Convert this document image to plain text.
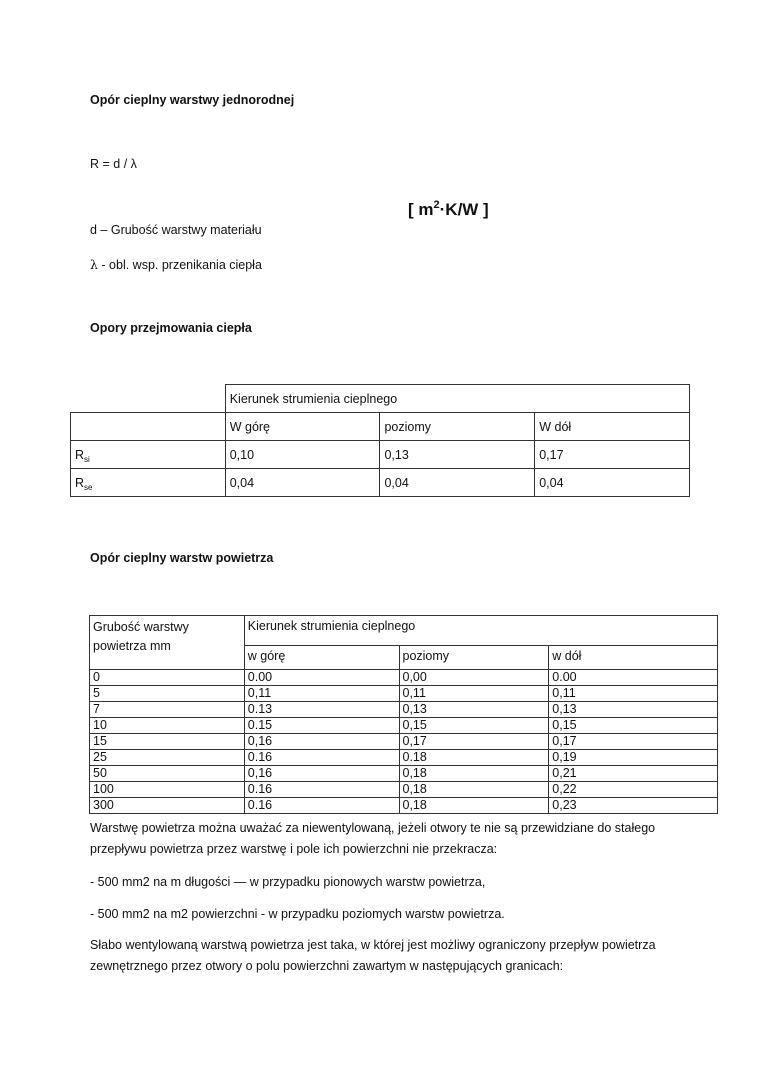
Opór cieplny warstwy jednorodnej
R = d / λ
[ $m^2\cdot K/W$ ]
d – Grubość warstwy materiału
λ - obl. wsp. przenikania ciepła
Opory przejmowania ciepła
	Kierunek strumienia cieplnego		
	W górę	poziomy	W dół
$R_{si}$	0,10	0,13	0,17
$R_{se}$	0,04	0,04	0,04
Opór cieplny warstw powietrza
Grubość warstwy powietrza mm	Kierunek strumienia cieplnego		
	w górę	poziomy	w dół
0	0.00	0,00	0.00
5	0,11	0,11	0,11
7	0.13	0,13	0,13
10	0.15	0,15	0,15
15	0,16	0,17	0,17
25	0.16	0.18	0,19
50	0,16	0,18	0,21
100	0.16	0,18	0,22
300	0.16	0,18	0,23
Warstwę powietrza można uważać za niewentylowaną, jeżeli otwory te nie są przewidziane do stałego przepływu powietrza przez warstwę i pole ich powierzchni nie przekracza:
- 500 mm2 na m długości — w przypadku pionowych warstw powietrza,
- 500 mm2 na m2 powierzchni - w przypadku poziomych warstw powietrza.
Słabo wentylowaną warstwą powietrza jest taka, w której jest możliwy ograniczony przepływ powietrza zewnętrznego przez otwory o polu powierzchni zawartym w następujących granicach:
